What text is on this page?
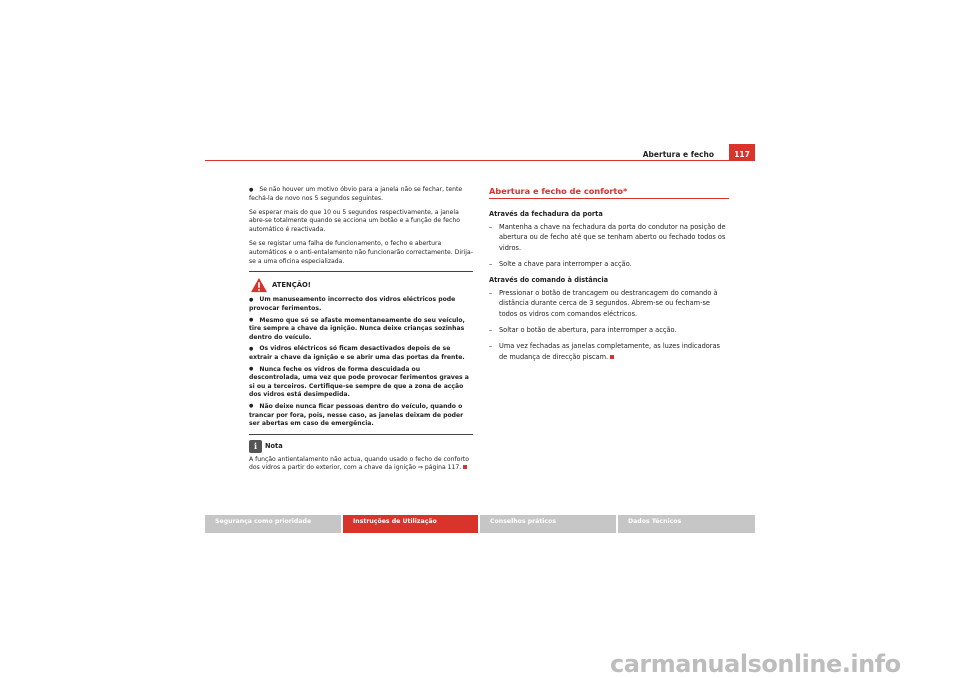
Abertura e fecho	117

● Se não houver um motivo óbvio para a janela não se fechar, tente fechá-la de novo nos 5 segundos seguintes.

Se esperar mais do que 10 ou 5 segundos respectivamente, a janela abre-se totalmente quando se acciona um botão e a função de fecho automático é reactivada.

Se se registar uma falha de funcionamento, o fecho e abertura automáticos e o anti-entalamento não funcionarão correctamente. Dirija-se a uma oficina especializada.

ATENÇÃO!

● Um manuseamento incorrecto dos vidros eléctricos pode provocar ferimentos.

● Mesmo que só se afaste momentaneamente do seu veículo, tire sempre a chave da ignição. Nunca deixe crianças sozinhas dentro do veículo.

● Os vidros eléctricos só ficam desactivados depois de se extrair a chave da ignição e se abrir uma das portas da frente.

● Nunca feche os vidros de forma descuidada ou descontrolada, uma vez que pode provocar ferimentos graves a si ou a terceiros. Certifique-se sempre de que a zona de acção dos vidros está desimpedida.

● Não deixe nunca ficar pessoas dentro do veículo, quando o trancar por fora, pois, nesse caso, as janelas deixam de poder ser abertas em caso de emergência.

i	Nota

A função antientalamento não actua, quando usado o fecho de conforto dos vidros a partir do exterior, com a chave da ignição ⇒ página 117.

Abertura e fecho de conforto*
Através da fechadura da porta
–	Mantenha a chave na fechadura da porta do condutor na posição de abertura ou de fecho até que se tenham aberto ou fechado todos os vidros.
–	Solte a chave para interromper a acção.
Através do comando à distância
–	Pressionar o botão de trancagem ou destrancagem do comando à distância durante cerca de 3 segundos. Abrem-se ou fecham-se todos os vidros com comandos eléctricos.
–	Soltar o botão de abertura, para interromper a acção.
–	Uma vez fechadas as janelas completamente, as luzes indicadoras de mudança de direcção piscam.
Segurança como prioridade	Instruções de Utilização	Conselhos práticos	Dados Técnicos
carmanualsonline.info
